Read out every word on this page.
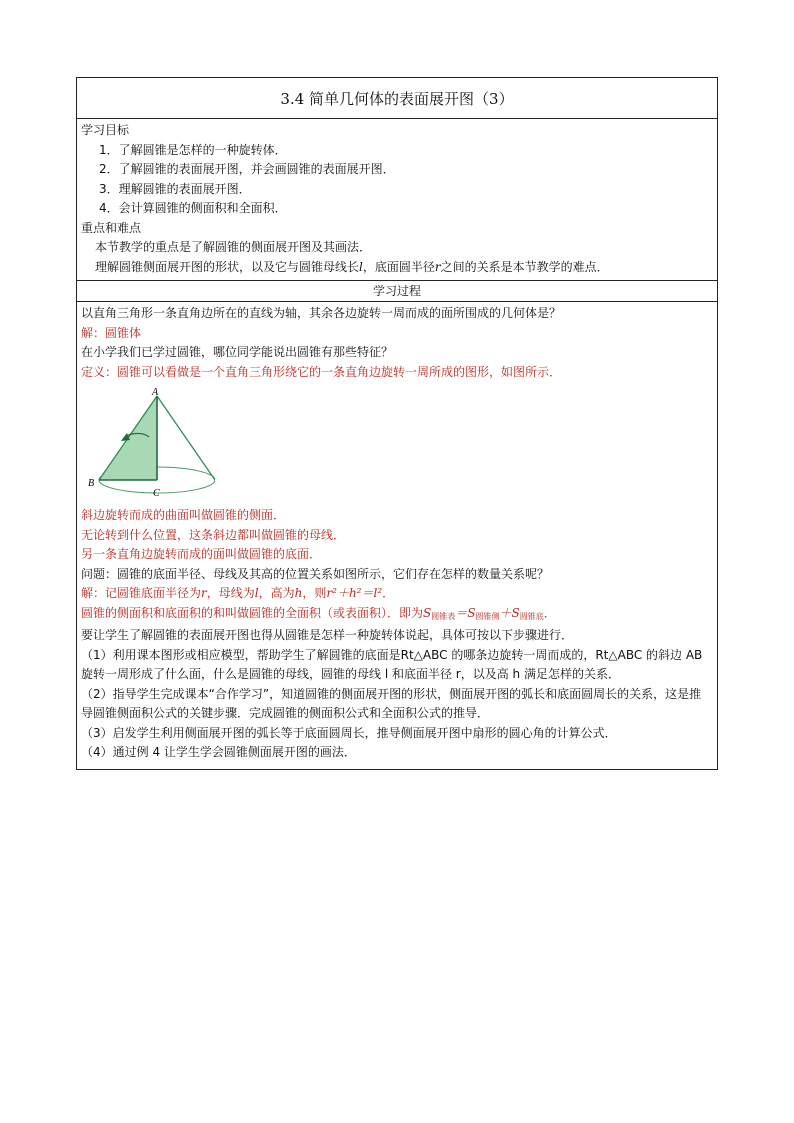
3.4 简单几何体的表面展开图（3）
学习目标
1．了解圆锥是怎样的一种旋转体．
2．了解圆锥的表面展开图，并会画圆锥的表面展开图．
3．理解圆锥的表面展开图．
4．会计算圆锥的侧面积和全面积．
重点和难点
本节教学的重点是了解圆锥的侧面展开图及其画法．
理解圆锥侧面展开图的形状，以及它与圆锥母线长l，底面圆半径r之间的关系是本节教学的难点．
学习过程
以直角三角形一条直角边所在的直线为轴，其余各边旋转一周而成的面所围成的几何体是？
解：圆锥体
在小学我们已学过圆锥，哪位同学能说出圆锥有那些特征？
定义：圆锥可以看做是一个直角三角形绕它的一条直角边旋转一周所成的图形，如图所示．
A
B
C
斜边旋转而成的曲面叫做圆锥的侧面．
无论转到什么位置，这条斜边都叫做圆锥的母线．
另一条直角边旋转而成的面叫做圆锥的底面．
问题：圆锥的底面半径、母线及其高的位置关系如图所示，它们存在怎样的数量关系呢？
解：记圆锥底面半径为r，母线为l，高为h，则r²＋h²＝l²．
圆锥的侧面积和底面积的和叫做圆锥的全面积（或表面积）．即为$S_{圆锥表}=S_{圆锥侧}+S_{圆锥底}$．
要让学生了解圆锥的表面展开图也得从圆锥是怎样一种旋转体说起，具体可按以下步骤进行．
（1）利用课本图形或相应模型，帮助学生了解圆锥的底面是Rt△ABC 的哪条边旋转一周而成的，Rt△ABC 的斜边 AB 旋转一周形成了什么面，什么是圆锥的母线，圆锥的母线 l 和底面半径 r，以及高 h 满足怎样的关系．
（2）指导学生完成课本“合作学习”，知道圆锥的侧面展开图的形状，侧面展开图的弧长和底面圆周长的关系，这是推导圆锥侧面积公式的关键步骤．完成圆锥的侧面积公式和全面积公式的推导．
（3）启发学生利用侧面展开图的弧长等于底面圆周长，推导侧面展开图中扇形的圆心角的计算公式．
（4）通过例 4 让学生学会圆锥侧面展开图的画法．
